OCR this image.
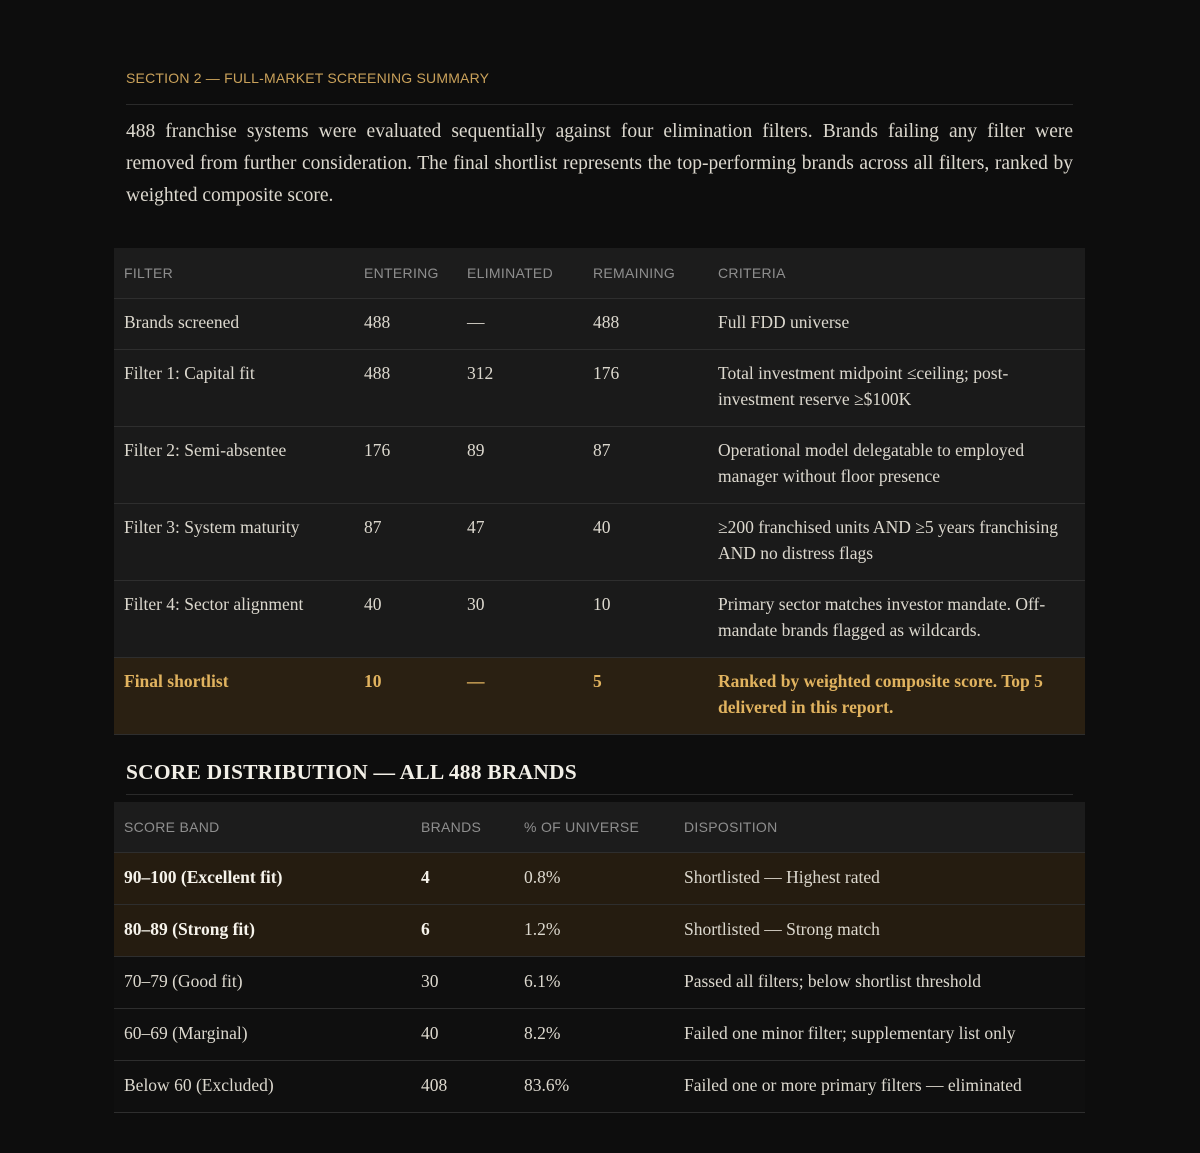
SECTION 2 — FULL-MARKET SCREENING SUMMARY

488 franchise systems were evaluated sequentially against four elimination filters. Brands failing any filter were removed from further consideration. The final shortlist represents the top-performing brands across all filters, ranked by weighted composite score.

FILTER	ENTERING	ELIMINATED	REMAINING	CRITERIA
Brands screened	488	—	488	Full FDD universe
Filter 1: Capital fit	488	312	176	Total investment midpoint ≤ceiling; post-investment reserve ≥$100K
Filter 2: Semi-absentee	176	89	87	Operational model delegatable to employed manager without floor presence
Filter 3: System maturity	87	47	40	≥200 franchised units AND ≥5 years franchising AND no distress flags
Filter 4: Sector alignment	40	30	10	Primary sector matches investor mandate. Off-mandate brands flagged as wildcards.
Final shortlist	10	—	5	Ranked by weighted composite score. Top 5 delivered in this report.
SCORE DISTRIBUTION — ALL 488 BRANDS
SCORE BAND	BRANDS	% OF UNIVERSE	DISPOSITION
90–100 (Excellent fit)	4	0.8%	Shortlisted — Highest rated
80–89 (Strong fit)	6	1.2%	Shortlisted — Strong match
70–79 (Good fit)	30	6.1%	Passed all filters; below shortlist threshold
60–69 (Marginal)	40	8.2%	Failed one minor filter; supplementary list only
Below 60 (Excluded)	408	83.6%	Failed one or more primary filters — eliminated
